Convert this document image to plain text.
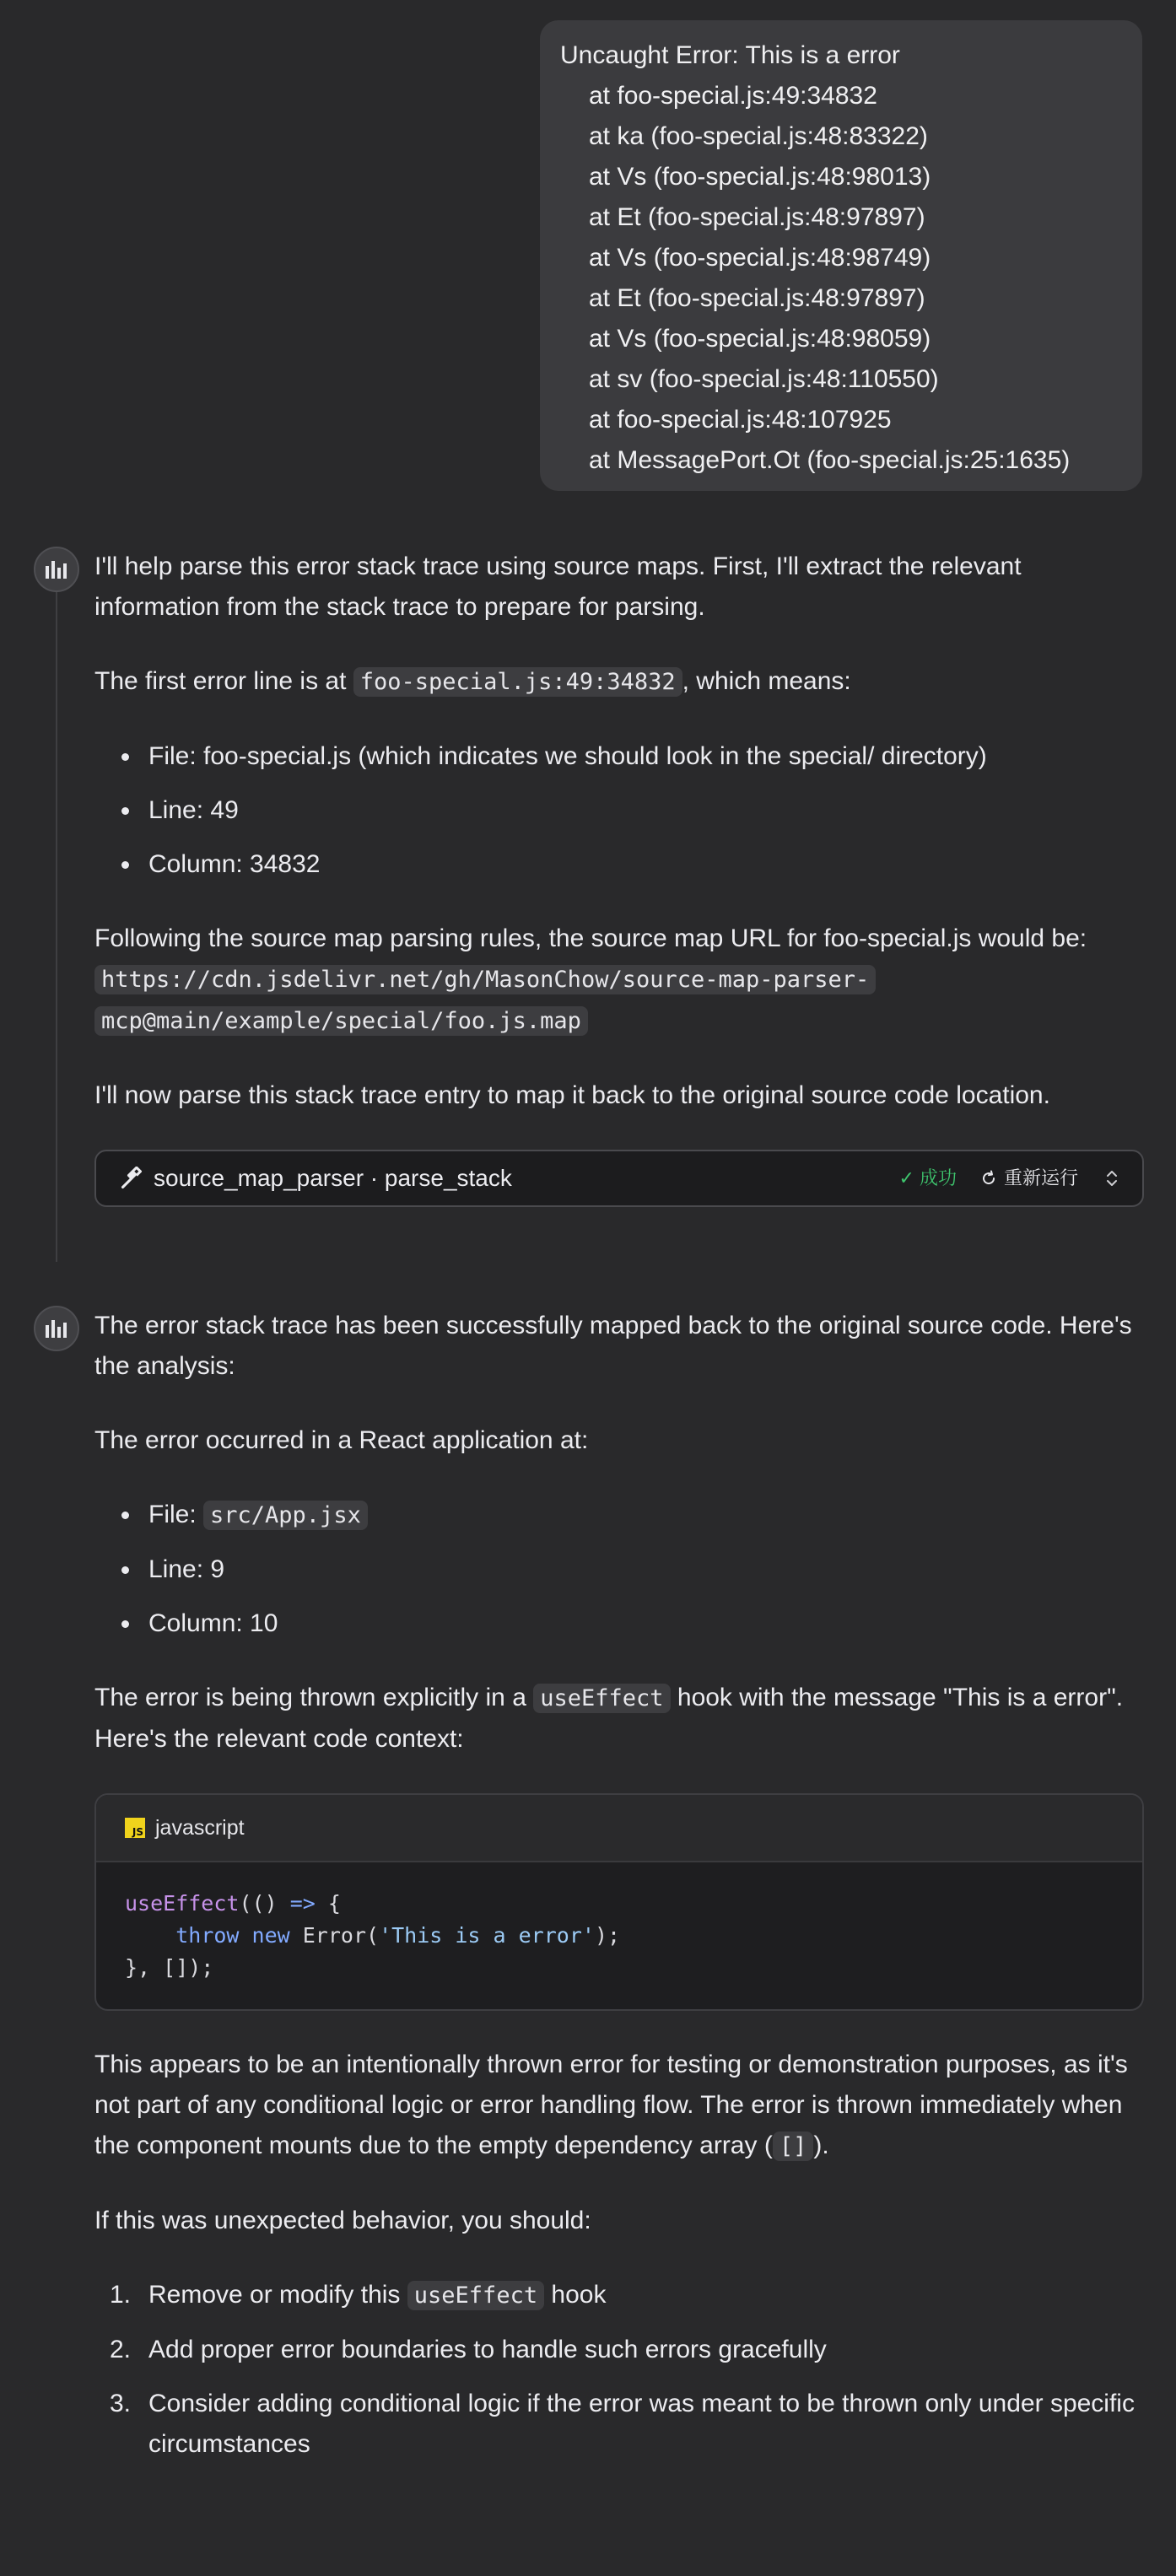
Uncaught Error: This is a error
at foo-special.js:49:34832
at ka (foo-special.js:48:83322)
at Vs (foo-special.js:48:98013)
at Et (foo-special.js:48:97897)
at Vs (foo-special.js:48:98749)
at Et (foo-special.js:48:97897)
at Vs (foo-special.js:48:98059)
at sv (foo-special.js:48:110550)
at foo-special.js:48:107925
at MessagePort.Ot (foo-special.js:25:1635)

I'll help parse this error stack trace using source maps. First, I'll extract the relevant information from the stack trace to prepare for parsing.

The first error line is at foo-special.js:49:34832 , which means:

File: foo-special.js (which indicates we should look in the special/ directory)
Line: 49
Column: 34832

Following the source map parsing rules, the source map URL for foo-special.js would be: https://cdn.jsdelivr.net/gh/MasonChow/source-map-parser-
mcp@main/example/special/foo.js.map

I'll now parse this stack trace entry to map it back to the original source code location.

source_map_parser · parse_stack	✓ 成功	重新运行

The error stack trace has been successfully mapped back to the original source code. Here's the analysis:

The error occurred in a React application at:

File: src/App.jsx
Line: 9
Column: 10

The error is being thrown explicitly in a useEffect hook with the message "This is a error". Here's the relevant code context:

JS javascript
useEffect(() => {
throw new Error('This is a error');
}, []);

This appears to be an intentionally thrown error for testing or demonstration purposes, as it's not part of any conditional logic or error handling flow. The error is thrown immediately when the component mounts due to the empty dependency array ( [] ).

If this was unexpected behavior, you should:

1. Remove or modify this useEffect hook
2. Add proper error boundaries to handle such errors gracefully
3. Consider adding conditional logic if the error was meant to be thrown only under specific circumstances
